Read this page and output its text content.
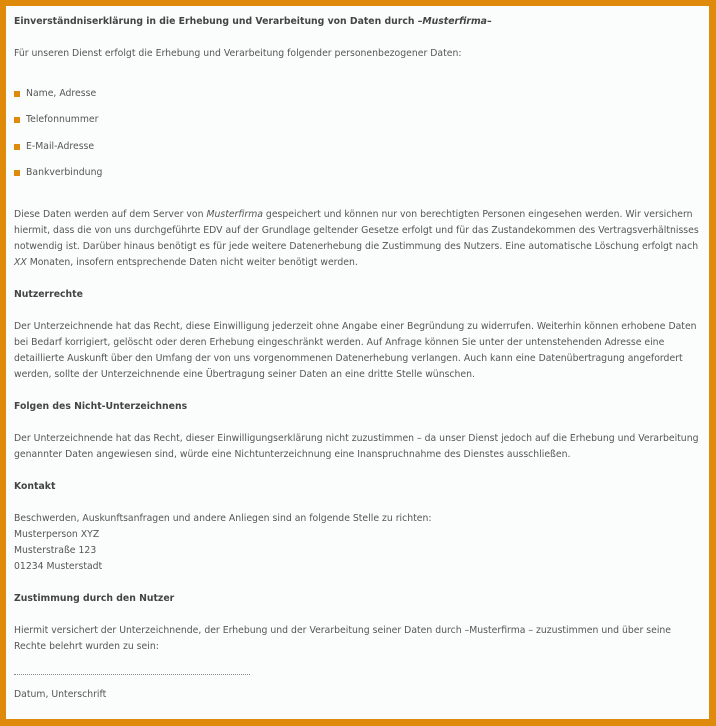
Einverständniserklärung in die Erhebung und Verarbeitung von Daten durch –Musterfirma–
Für unseren Dienst erfolgt die Erhebung und Verarbeitung folgender personenbezogener Daten:
Name, Adresse
Telefonnummer
E-Mail-Adresse
Bankverbindung
Diese Daten werden auf dem Server von Musterfirma gespeichert und können nur von berechtigten Personen eingesehen werden. Wir versichern hiermit, dass die von uns durchgeführte EDV auf der Grundlage geltender Gesetze erfolgt und für das Zustandekommen des Vertragsverhältnisses notwendig ist. Darüber hinaus benötigt es für jede weitere Datenerhebung die Zustimmung des Nutzers. Eine automatische Löschung erfolgt nach XX Monaten, insofern entsprechende Daten nicht weiter benötigt werden.
Nutzerrechte
Der Unterzeichnende hat das Recht, diese Einwilligung jederzeit ohne Angabe einer Begründung zu widerrufen. Weiterhin können erhobene Daten bei Bedarf korrigiert, gelöscht oder deren Erhebung eingeschränkt werden. Auf Anfrage können Sie unter der untenstehenden Adresse eine detaillierte Auskunft über den Umfang der von uns vorgenommenen Datenerhebung verlangen. Auch kann eine Datenübertragung angefordert werden, sollte der Unterzeichnende eine Übertragung seiner Daten an eine dritte Stelle wünschen.
Folgen des Nicht-Unterzeichnens
Der Unterzeichnende hat das Recht, dieser Einwilligungserklärung nicht zuzustimmen – da unser Dienst jedoch auf die Erhebung und Verarbeitung genannter Daten angewiesen sind, würde eine Nichtunterzeichnung eine Inanspruchnahme des Dienstes ausschließen.
Kontakt
Beschwerden, Auskunftsanfragen und andere Anliegen sind an folgende Stelle zu richten:
Musterperson XYZ
Musterstraße 123
01234 Musterstadt
Zustimmung durch den Nutzer
Hiermit versichert der Unterzeichnende, der Erhebung und der Verarbeitung seiner Daten durch –Musterfirma – zuzustimmen und über seine Rechte belehrt wurden zu sein:
Datum, Unterschrift
